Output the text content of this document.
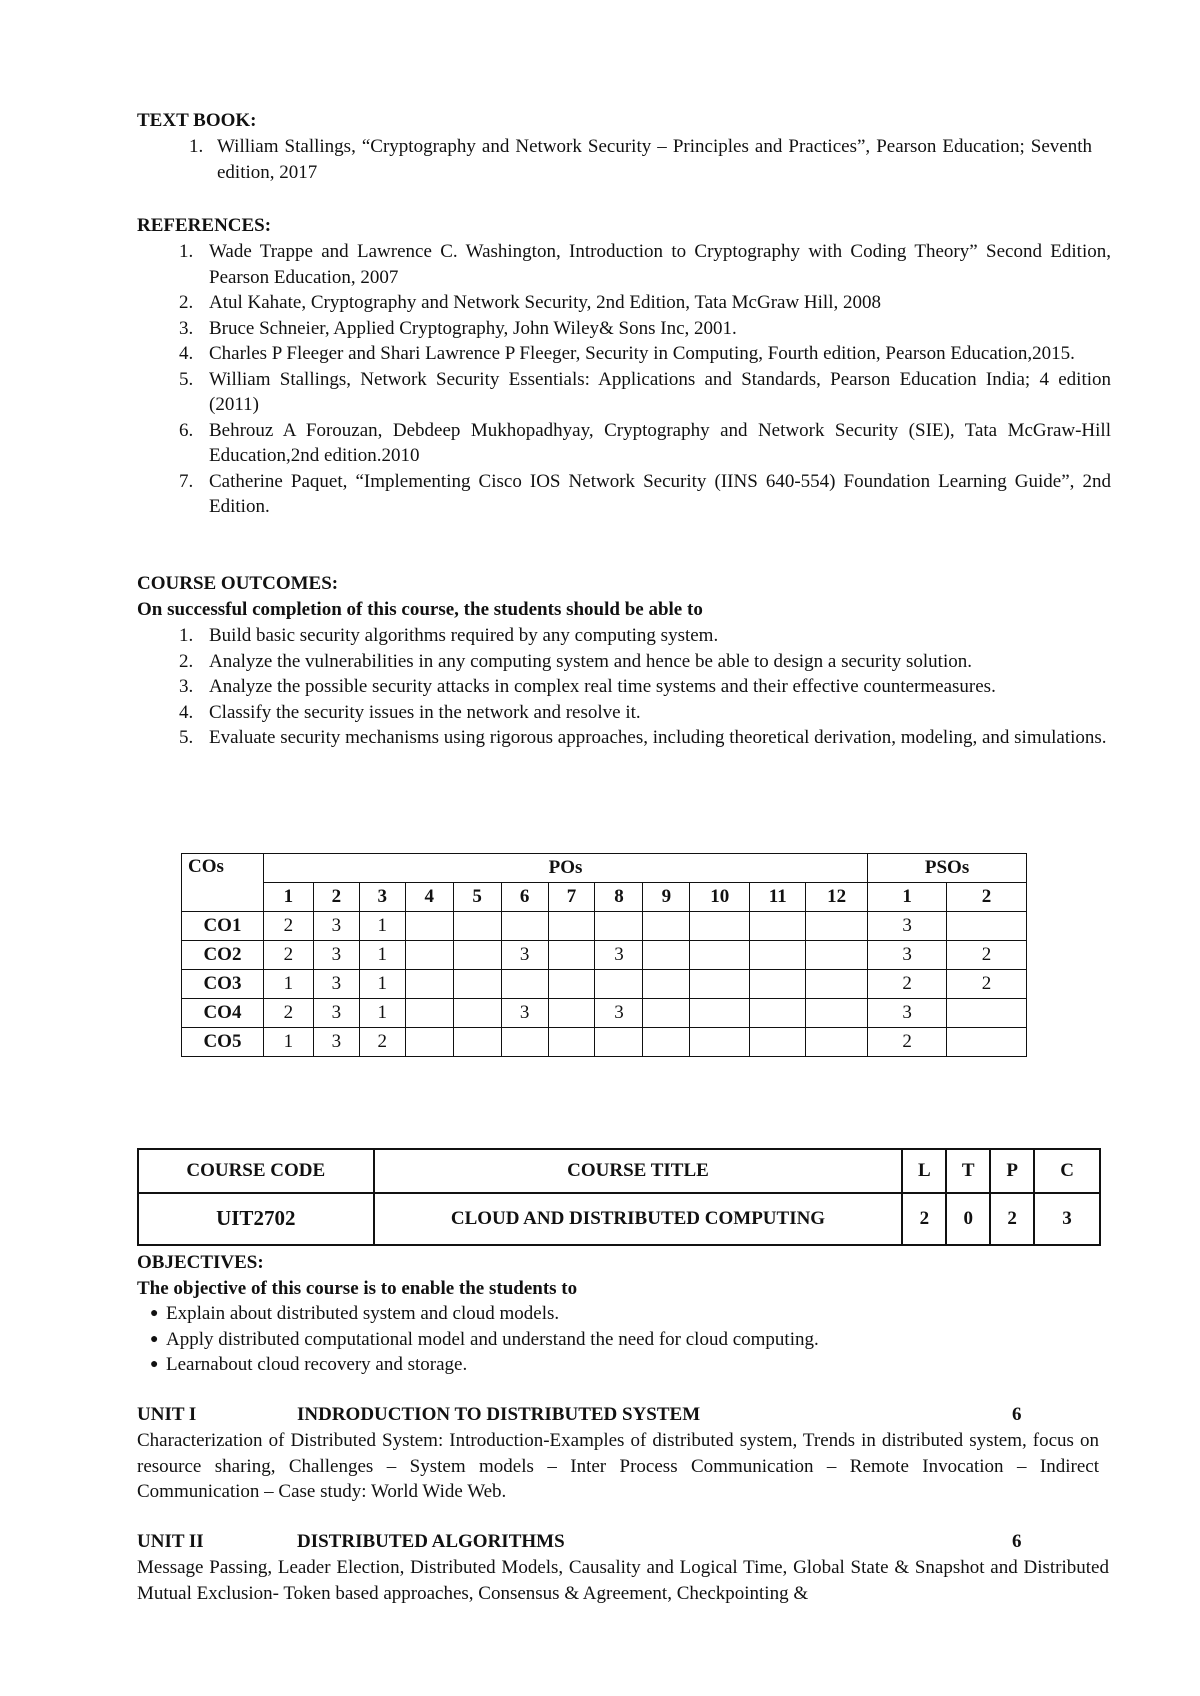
TEXT BOOK:

1. William Stallings, “Cryptography and Network Security – Principles and Practices”, Pearson Education; Seventh edition, 2017

REFERENCES:

1. Wade Trappe and Lawrence C. Washington, Introduction to Cryptography with Coding Theory” Second Edition, Pearson Education, 2007
2. Atul Kahate, Cryptography and Network Security, 2nd Edition, Tata McGraw Hill, 2008
3. Bruce Schneier, Applied Cryptography, John Wiley& Sons Inc, 2001.
4. Charles P Fleeger and Shari Lawrence P Fleeger, Security in Computing, Fourth edition, Pearson Education,2015.
5. William Stallings, Network Security Essentials: Applications and Standards, Pearson Education India; 4 edition (2011)
6. Behrouz A Forouzan, Debdeep Mukhopadhyay, Cryptography and Network Security (SIE), Tata McGraw-Hill Education,2nd edition.2010
7. Catherine Paquet, “Implementing Cisco IOS Network Security (IINS 640-554) Foundation Learning Guide”, 2nd Edition.

COURSE OUTCOMES:

On successful completion of this course, the students should be able to

1. Build basic security algorithms required by any computing system.
2. Analyze the vulnerabilities in any computing system and hence be able to design a security solution.
3. Analyze the possible security attacks in complex real time systems and their effective countermeasures.
4. Classify the security issues in the network and resolve it.
5. Evaluate security mechanisms using rigorous approaches, including theoretical derivation, modeling, and simulations.
COs	POs												PSOs	
	1	2	3	4	5	6	7	8	9	10	11	12	1	2
CO1	2	3	1										3	
CO2	2	3	1			3		3					3	2
CO3	1	3	1										2	2
CO4	2	3	1			3		3					3	
CO5	1	3	2										2	
COURSE CODE	COURSE TITLE	L	T	P	C
UIT2702	CLOUD AND DISTRIBUTED COMPUTING	2	0	2	3

OBJECTIVES:

The objective of this course is to enable the students to

● Explain about distributed system and cloud models.
● Apply distributed computational model and understand the need for cloud computing.
● Learnabout cloud recovery and storage.
UNIT I	INDRODUCTION TO DISTRIBUTED SYSTEM	6

Characterization of Distributed System: Introduction-Examples of distributed system, Trends in distributed system, focus on resource sharing, Challenges – System models – Inter Process Communication – Remote Invocation – Indirect Communication – Case study: World Wide Web.

UNIT II	DISTRIBUTED ALGORITHMS	6

Message Passing, Leader Election, Distributed Models, Causality and Logical Time, Global State & Snapshot and Distributed Mutual Exclusion- Token based approaches, Consensus & Agreement, Checkpointing &
